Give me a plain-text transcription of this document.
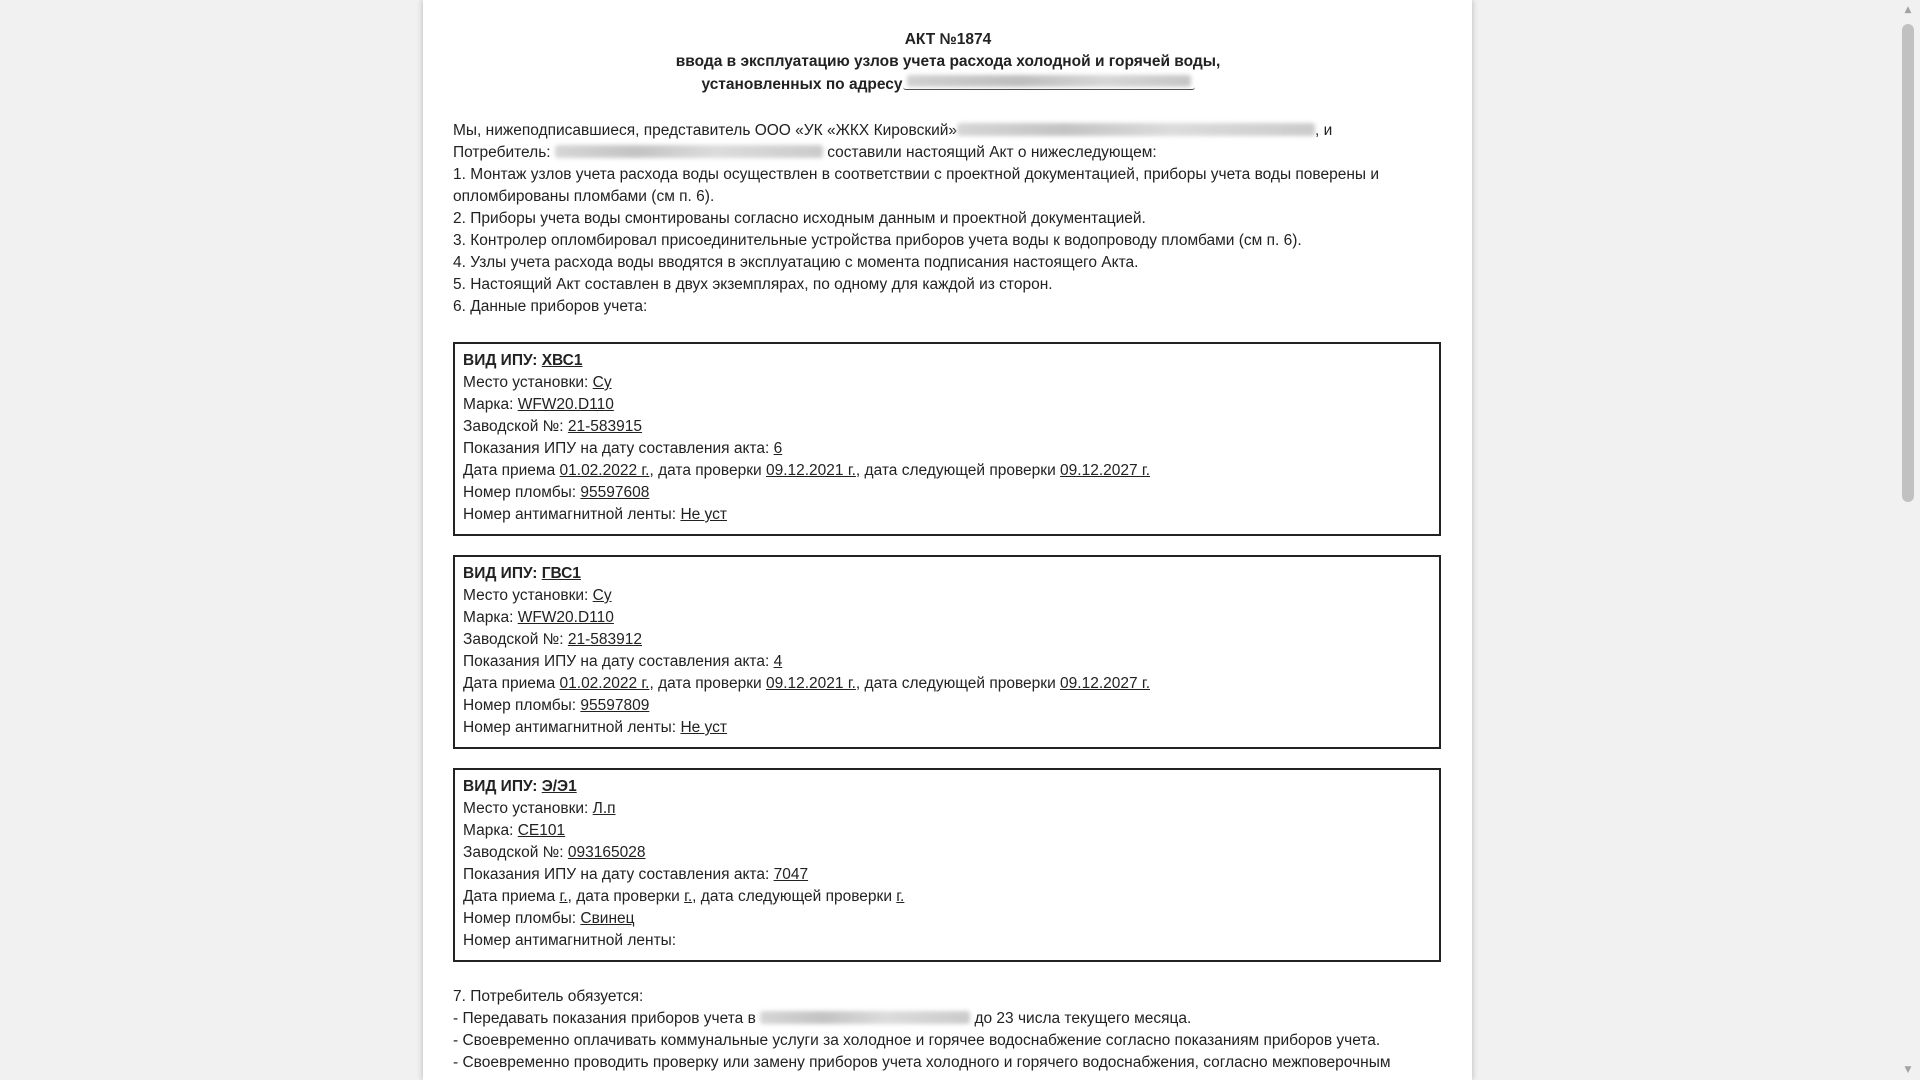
АКТ №1874
ввода в эксплуатацию узлов учета расхода холодной и горячей воды,
установленных по адресу

Мы, нижеподписавшиеся, представитель ООО «УК «ЖКХ Кировский»	, и

Потребитель:	составили настоящий Акт о нижеследующем:

1. Монтаж узлов учета расхода воды осуществлен в соответствии с проектной документацией, приборы учета воды поверены и

опломбированы пломбами (см п. 6).

2. Приборы учета воды смонтированы согласно исходным данным и проектной документацией.

3. Контролер опломбировал присоединительные устройства приборов учета воды к водопроводу пломбами (см п. 6).

4. Узлы учета расхода воды вводятся в эксплуатацию с момента подписания настоящего Акта.

5. Настоящий Акт составлен в двух экземплярах, по одному для каждой из сторон.

6. Данные приборов учета:

ВИД ИПУ: ХВС1
Место установки: Су
Марка: WFW20.D110
Заводской №: 21-583915
Показания ИПУ на дату составления акта: 6
Дата приема 01.02.2022 г., дата проверки 09.12.2021 г., дата следующей проверки 09.12.2027 г.
Номер пломбы: 95597608
Номер антимагнитной ленты: Не уст
ВИД ИПУ: ГВС1
Место установки: Су
Марка: WFW20.D110
Заводской №: 21-583912
Показания ИПУ на дату составления акта: 4
Дата приема 01.02.2022 г., дата проверки 09.12.2021 г., дата следующей проверки 09.12.2027 г.
Номер пломбы: 95597809
Номер антимагнитной ленты: Не уст
ВИД ИПУ: Э/Э1
Место установки: Л.п
Марка: СЕ101
Заводской №: 093165028
Показания ИПУ на дату составления акта: 7047
Дата приема г., дата проверки г., дата следующей проверки г.
Номер пломбы: Свинец
Номер антимагнитной ленты:

7. Потребитель обязуется:

- Передавать показания приборов учета в	до 23 числа текущего месяца.

- Своевременно оплачивать коммунальные услуги за холодное и горячее водоснабжение согласно показаниям приборов учета.

- Своевременно проводить проверку или замену приборов учета холодного и горячего водоснабжения, согласно межповерочным

▲
▼
